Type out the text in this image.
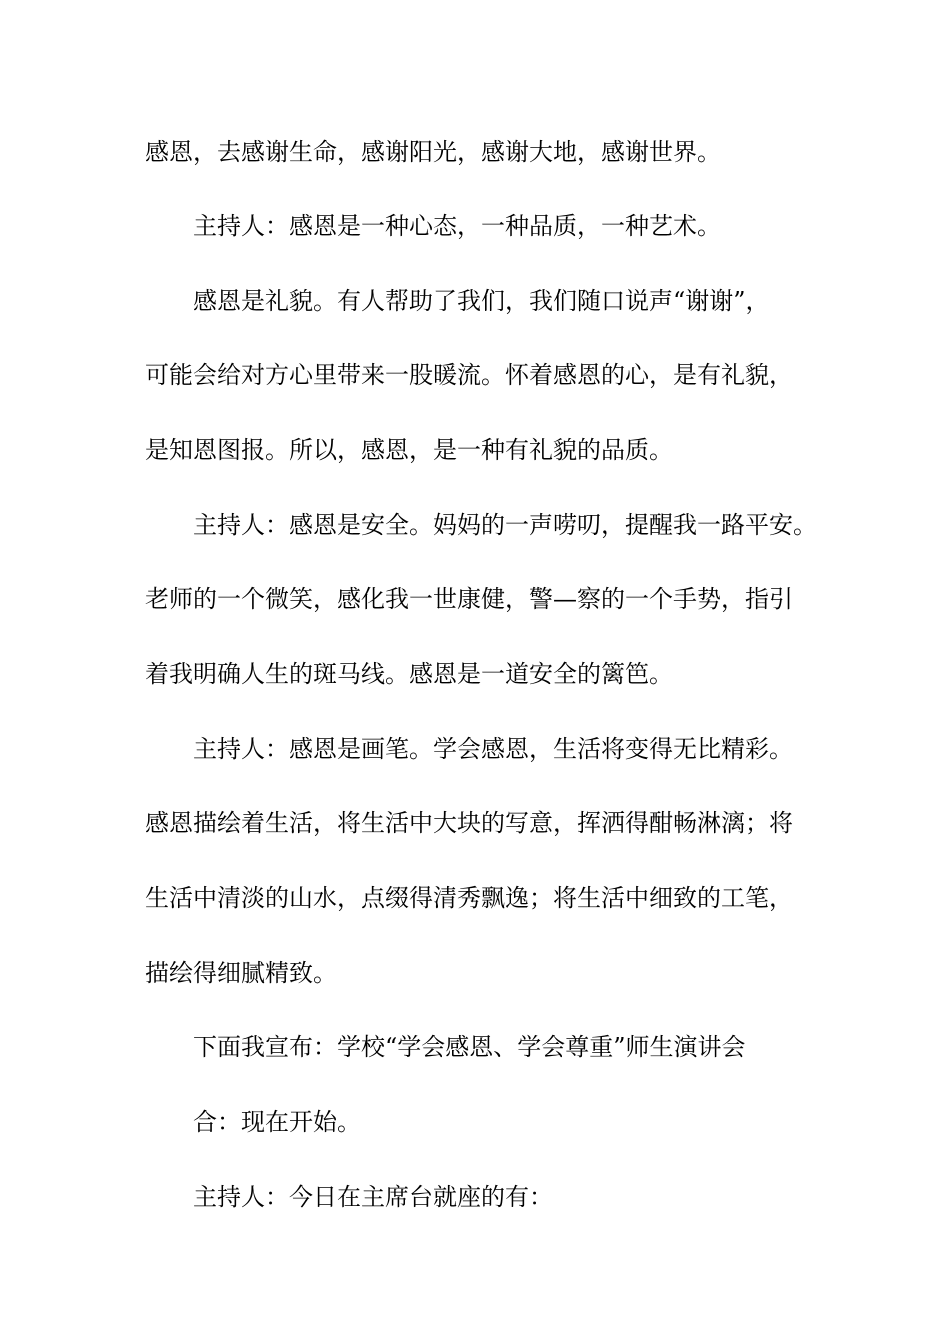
感恩，去感谢生命，感谢阳光，感谢大地，感谢世界。
主持人：感恩是一种心态，一种品质，一种艺术。
感恩是礼貌。有人帮助了我们，我们随口说声“谢谢”，
可能会给对方心里带来一股暖流。怀着感恩的心，是有礼貌，
是知恩图报。所以，感恩，是一种有礼貌的品质。
主持人：感恩是安全。妈妈的一声唠叨，提醒我一路平安。
老师的一个微笑，感化我一世康健，警—察的一个手势，指引
着我明确人生的斑马线。感恩是一道安全的篱笆。
主持人：感恩是画笔。学会感恩，生活将变得无比精彩。
感恩描绘着生活，将生活中大块的写意，挥洒得酣畅淋漓；将
生活中清淡的山水，点缀得清秀飘逸；将生活中细致的工笔，
描绘得细腻精致。
下面我宣布：学校“学会感恩、学会尊重”师生演讲会
合：现在开始。
主持人：今日在主席台就座的有：
